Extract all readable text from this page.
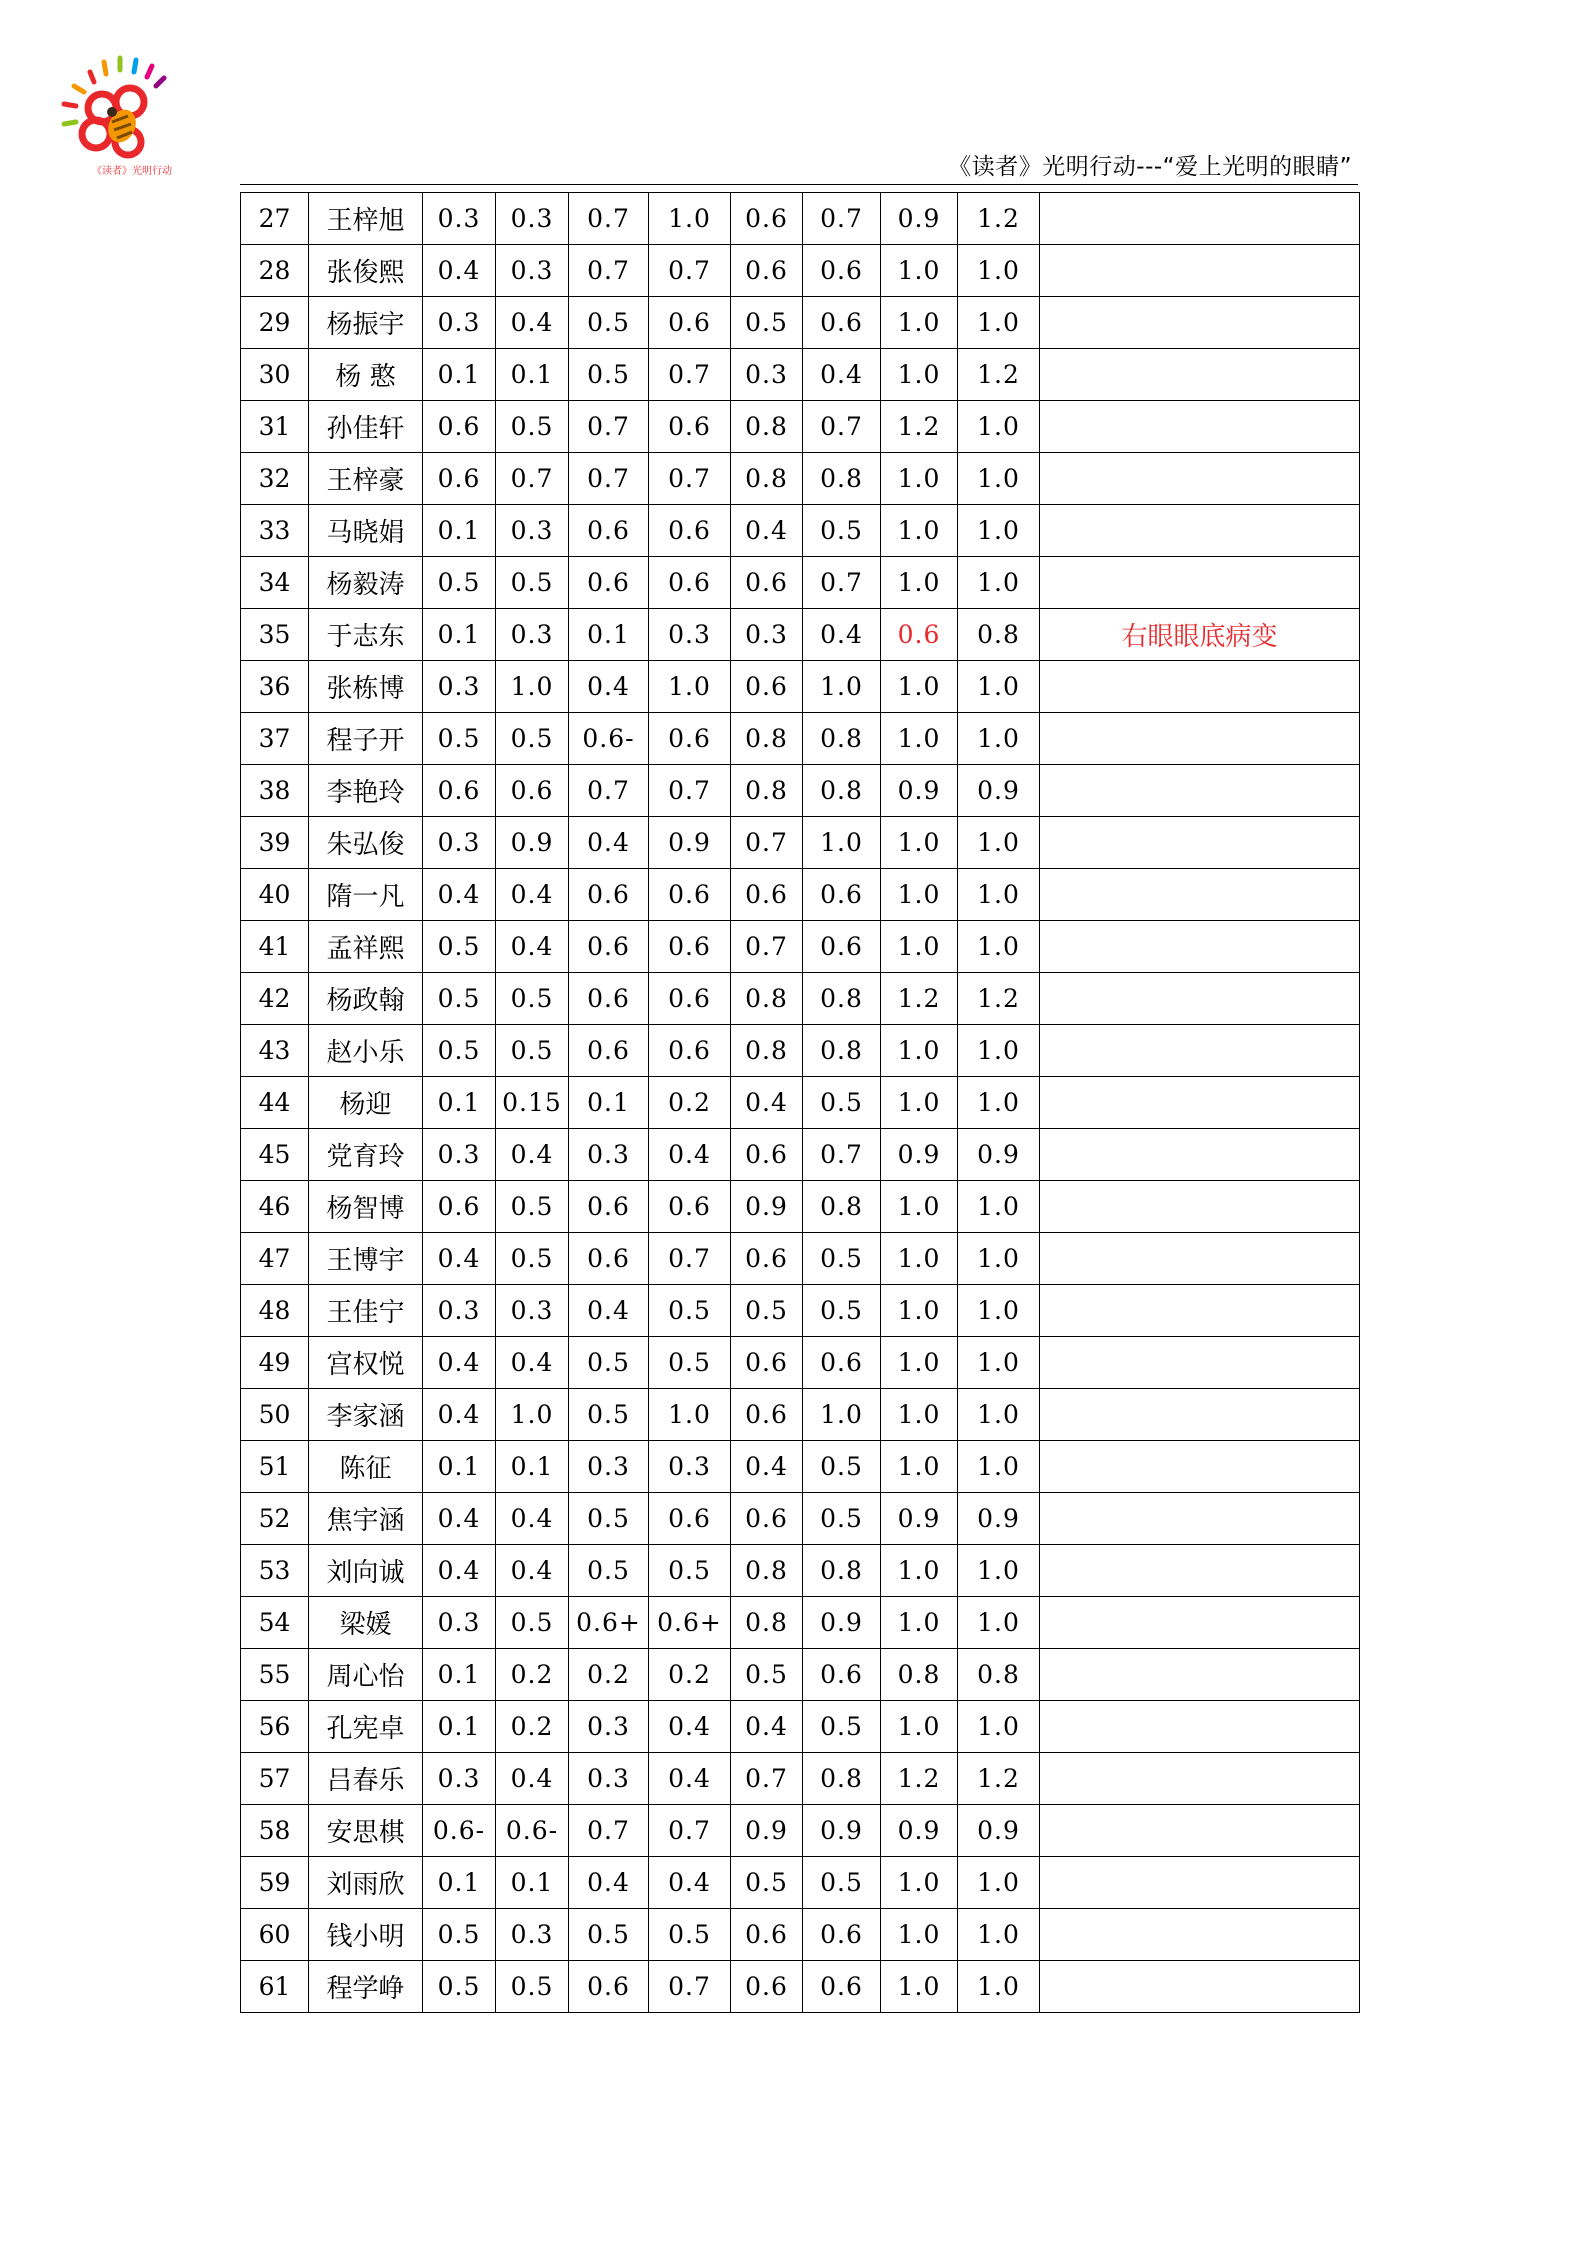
《读者》光明行动	《读者》光明行动---“爱上光明的眼睛”
27	王梓旭	0.3	0.3	0.7	1.0	0.6	0.7	0.9	1.2	
28	张俊熙	0.4	0.3	0.7	0.7	0.6	0.6	1.0	1.0	
29	杨振宇	0.3	0.4	0.5	0.6	0.5	0.6	1.0	1.0	
30	杨 憨	0.1	0.1	0.5	0.7	0.3	0.4	1.0	1.2	
31	孙佳轩	0.6	0.5	0.7	0.6	0.8	0.7	1.2	1.0	
32	王梓豪	0.6	0.7	0.7	0.7	0.8	0.8	1.0	1.0	
33	马晓娟	0.1	0.3	0.6	0.6	0.4	0.5	1.0	1.0	
34	杨毅涛	0.5	0.5	0.6	0.6	0.6	0.7	1.0	1.0	
35	于志东	0.1	0.3	0.1	0.3	0.3	0.4	0.6	0.8	右眼眼底病变
36	张栋博	0.3	1.0	0.4	1.0	0.6	1.0	1.0	1.0	
37	程子开	0.5	0.5	0.6-	0.6	0.8	0.8	1.0	1.0	
38	李艳玲	0.6	0.6	0.7	0.7	0.8	0.8	0.9	0.9	
39	朱弘俊	0.3	0.9	0.4	0.9	0.7	1.0	1.0	1.0	
40	隋一凡	0.4	0.4	0.6	0.6	0.6	0.6	1.0	1.0	
41	孟祥熙	0.5	0.4	0.6	0.6	0.7	0.6	1.0	1.0	
42	杨政翰	0.5	0.5	0.6	0.6	0.8	0.8	1.2	1.2	
43	赵小乐	0.5	0.5	0.6	0.6	0.8	0.8	1.0	1.0	
44	杨迎	0.1	0.15	0.1	0.2	0.4	0.5	1.0	1.0	
45	党育玲	0.3	0.4	0.3	0.4	0.6	0.7	0.9	0.9	
46	杨智博	0.6	0.5	0.6	0.6	0.9	0.8	1.0	1.0	
47	王博宇	0.4	0.5	0.6	0.7	0.6	0.5	1.0	1.0	
48	王佳宁	0.3	0.3	0.4	0.5	0.5	0.5	1.0	1.0	
49	宫权悦	0.4	0.4	0.5	0.5	0.6	0.6	1.0	1.0	
50	李家涵	0.4	1.0	0.5	1.0	0.6	1.0	1.0	1.0	
51	陈征	0.1	0.1	0.3	0.3	0.4	0.5	1.0	1.0	
52	焦宇涵	0.4	0.4	0.5	0.6	0.6	0.5	0.9	0.9	
53	刘向诚	0.4	0.4	0.5	0.5	0.8	0.8	1.0	1.0	
54	梁媛	0.3	0.5	0.6+	0.6+	0.8	0.9	1.0	1.0	
55	周心怡	0.1	0.2	0.2	0.2	0.5	0.6	0.8	0.8	
56	孔宪卓	0.1	0.2	0.3	0.4	0.4	0.5	1.0	1.0	
57	吕春乐	0.3	0.4	0.3	0.4	0.7	0.8	1.2	1.2	
58	安思棋	0.6-	0.6-	0.7	0.7	0.9	0.9	0.9	0.9	
59	刘雨欣	0.1	0.1	0.4	0.4	0.5	0.5	1.0	1.0	
60	钱小明	0.5	0.3	0.5	0.5	0.6	0.6	1.0	1.0	
61	程学峥	0.5	0.5	0.6	0.7	0.6	0.6	1.0	1.0	
